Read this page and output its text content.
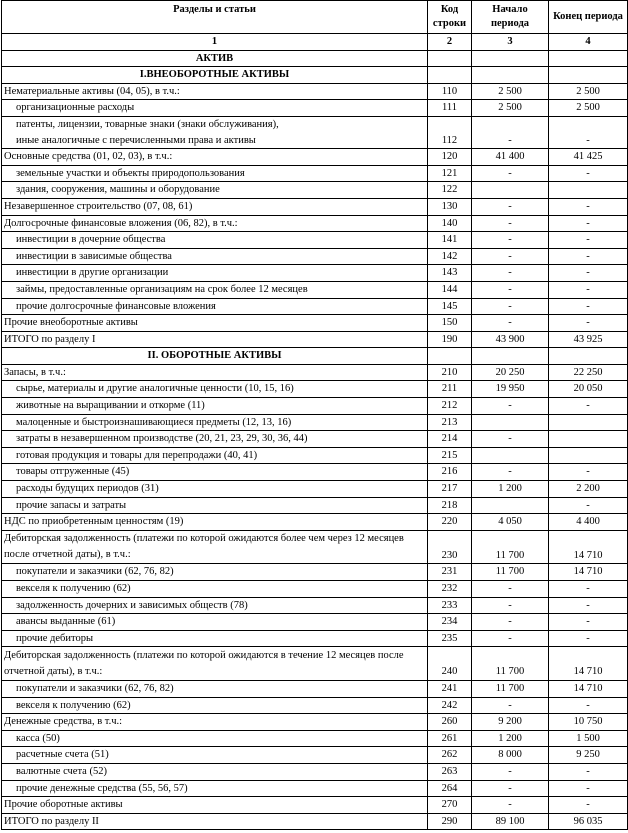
Разделы и статьи	Код строки	Начало периода	Конец периода
1	2	3	4
АКТИВ			
I.ВНЕОБОРОТНЫЕ АКТИВЫ			
Нематериальные активы (04, 05), в т.ч.:	110	2 500	2 500
организационные расходы	111	2 500	2 500
патенты, лицензии, товарные знаки (знаки обслуживания),			
иные аналогичные с перечисленными права и активы	112	-	-
Основные средства (01, 02, 03), в т.ч.:	120	41 400	41 425
земельные участки и объекты природопользования	121	-	-
здания, сооружения, машины и оборудование	122		
Незавершенное строительство (07, 08, 61)	130	-	-
Долгосрочные финансовые вложения (06, 82), в т.ч.:	140	-	-
инвестиции в дочерние общества	141	-	-
инвестиции в зависимые общества	142	-	-
инвестиции в другие организации	143	-	-
займы, предоставленные организациям на срок более 12 месяцев	144	-	-
прочие долгосрочные финансовые вложения	145	-	-
Прочие внеоборотные активы	150	-	-
ИТОГО по разделу I	190	43 900	43 925
II. ОБОРОТНЫЕ АКТИВЫ			
Запасы, в т.ч.:	210	20 250	22 250
сырье, материалы и другие аналогичные ценности (10, 15, 16)	211	19 950	20 050
животные на выращивании и откорме (11)	212	-	-
малоценные и быстроизнашивающиеся предметы (12, 13, 16)	213		
затраты в незавершенном производстве (20, 21, 23, 29, 30, 36, 44)	214	-	
готовая продукция и товары для перепродажи (40, 41)	215		
товары отгруженные (45)	216	-	-
расходы будущих периодов (31)	217	1 200	2 200
прочие запасы и затраты	218		-
НДС по приобретенным ценностям (19)	220	4 050	4 400
Дебиторская задолженность (платежи по которой ожидаются более чем через 12 месяцев после отчетной даты), в т.ч.:	230	11 700	14 710
покупатели и заказчики (62, 76, 82)	231	11 700	14 710
векселя к получению (62)	232	-	-
задолженность дочерних и зависимых обществ (78)	233	-	-
авансы выданные (61)	234	-	-
прочие дебиторы	235	-	-
Дебиторская задолженность (платежи по которой ожидаются в течение 12 месяцев после отчетной даты), в т.ч.:	240	11 700	14 710
покупатели и заказчики (62, 76, 82)	241	11 700	14 710
векселя к получению (62)	242	-	-
Денежные средства, в т.ч.:	260	9 200	10 750
касса (50)	261	1 200	1 500
расчетные счета (51)	262	8 000	9 250
валютные счета (52)	263	-	-
прочие денежные средства (55, 56, 57)	264	-	-
Прочие оборотные активы	270	-	-
ИТОГО по разделу II	290	89 100	96 035
